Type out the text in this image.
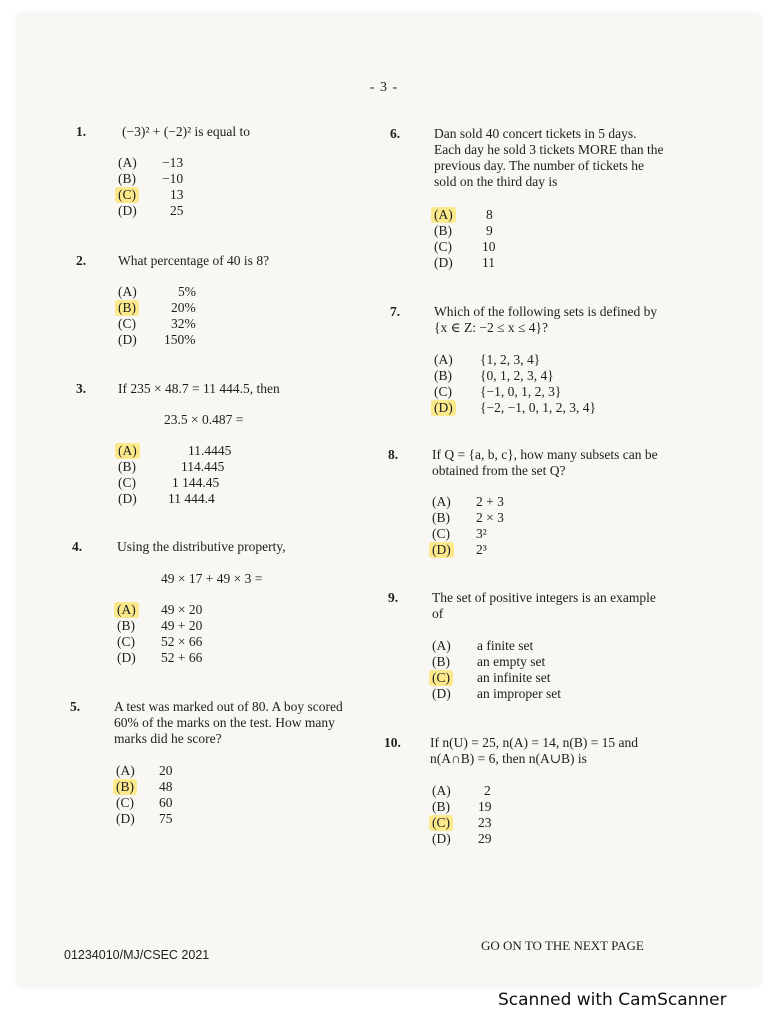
- 3 -
1.	(−3)² + (−2)² is equal to
(A) −13
(B) −10
(C)	13
(D) 25
2. What percentage of 40 is 8?
(A)	5%
(B)	20%
(C)	32%
(D) 150%
3. If 235 × 48.7 = 11 444.5, then
23.5 × 0.487 =
(A)	11.4445
(B)	114.445
(C)	1 144.45
(D) 11 444.4
4.	Using the distributive property,
49 × 17 + 49 × 3 =
(A) 49 × 20
(B) 49 + 20
(C) 52 × 66
(D) 52 + 66
5.	A test was marked out of 80. A boy scored
60% of the marks on the test. How many
marks did he score?
(A) 20
(B) 48
(C) 60
(D) 75
6.	Dan sold 40 concert tickets in 5 days.
Each day he sold 3 tickets MORE than the
previous day. The number of tickets he
sold on the third day is
(A) 8
(B)	9
(C) 10
(D) 11
7.	Which of the following sets is defined by
{x ∈ Z: −2 ≤ x ≤ 4}?
(A) {1, 2, 3, 4}
(B) {0, 1, 2, 3, 4}
(C) {−1, 0, 1, 2, 3}
(D) {−2, −1, 0, 1, 2, 3, 4}
8.	If Q = {a, b, c}, how many subsets can be
obtained from the set Q?
(A) 2 + 3
(B) 2 × 3
(C) 3²
(D) 2³
9.	The set of positive integers is an example
of
(A) a finite set
(B) an empty set
(C) an infinite set
(D) an improper set
10. If n(U) = 25, n(A) = 14, n(B) = 15 and
n(A∩B) = 6, then n(A∪B) is
(A) 2
(B) 19
(C) 23
(D) 29
GO ON TO THE NEXT PAGE
01234010/MJ/CSEC 2021
Scanned with CamScanner
